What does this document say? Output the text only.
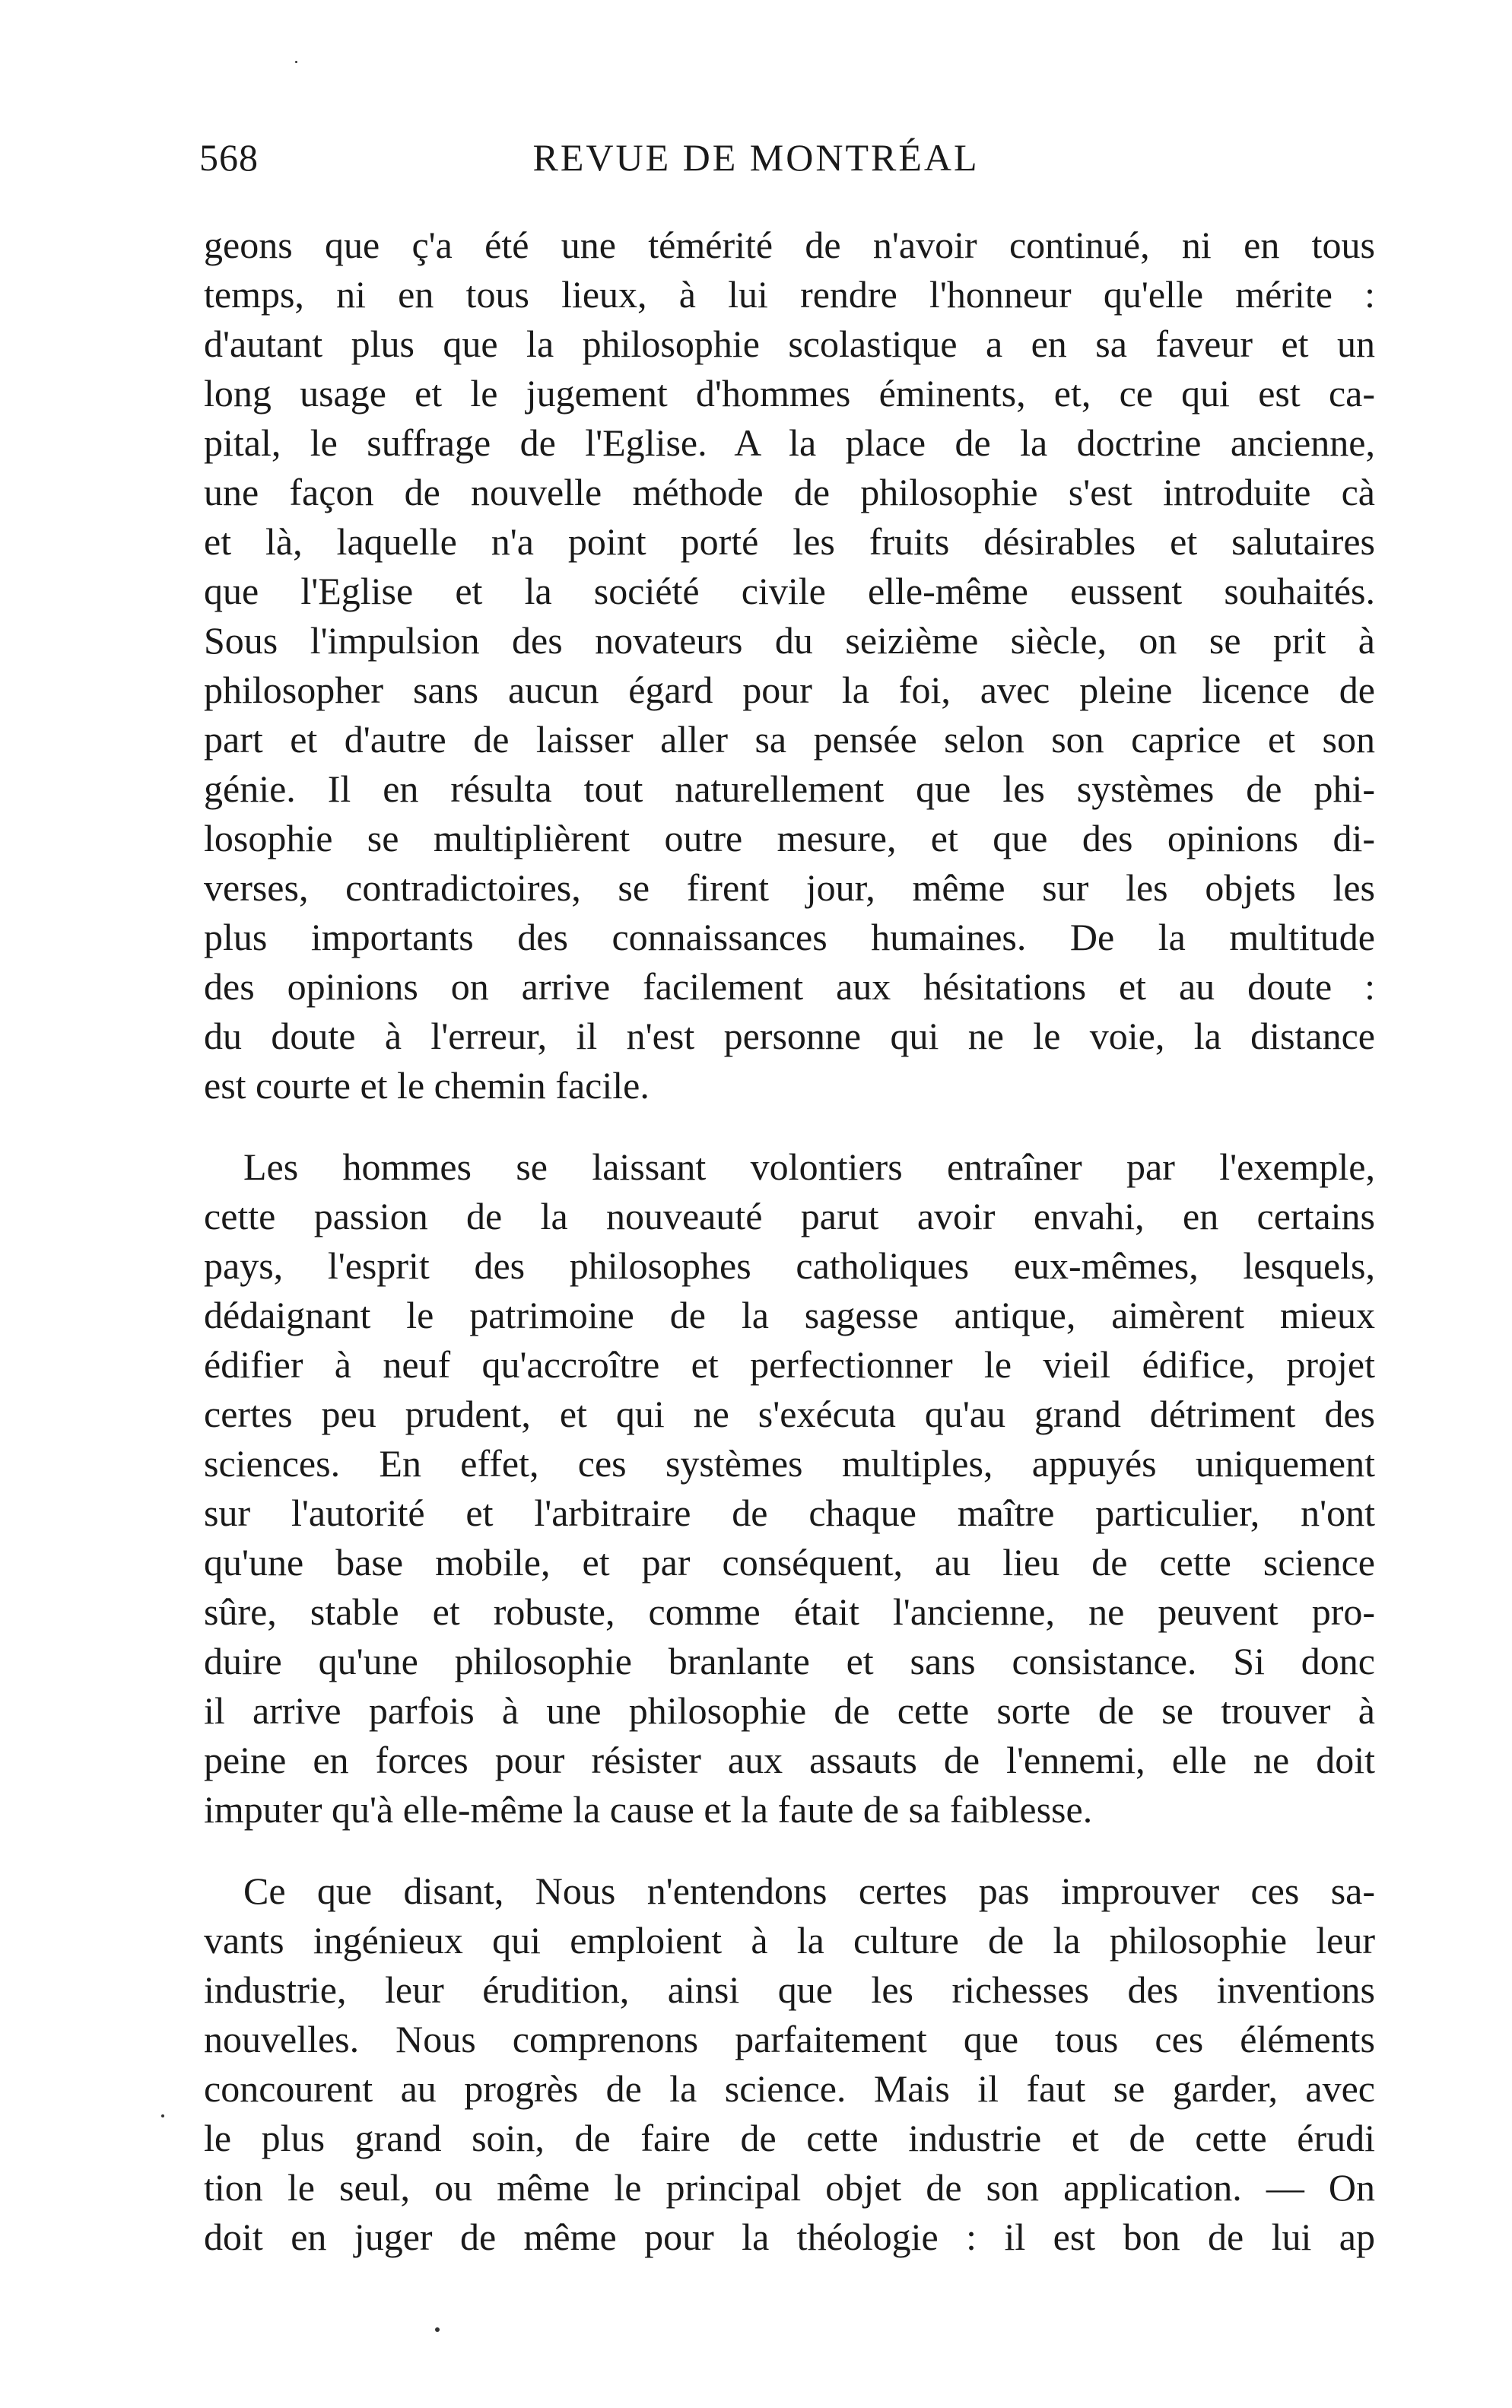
568	REVUE DE MONTRÉAL
geons que ç'a été une témérité de n'avoir continué, ni en tous
temps, ni en tous lieux, à lui rendre l'honneur qu'elle mérite :
d'autant plus que la philosophie scolastique a en sa faveur et un
long usage et le jugement d'hommes éminents, et, ce qui est ca-
pital, le suffrage de l'Eglise. A la place de la doctrine ancienne,
une façon de nouvelle méthode de philosophie s'est introduite cà
et là, laquelle n'a point porté les fruits désirables et salutaires
que l'Eglise et la société civile elle-même eussent souhaités.
Sous l'impulsion des novateurs du seizième siècle, on se prit à
philosopher sans aucun égard pour la foi, avec pleine licence de
part et d'autre de laisser aller sa pensée selon son caprice et son
génie. Il en résulta tout naturellement que les systèmes de phi-
losophie se multiplièrent outre mesure, et que des opinions di-
verses, contradictoires, se firent jour, même sur les objets les
plus importants des connaissances humaines. De la multitude
des opinions on arrive facilement aux hésitations et au doute :
du doute à l'erreur, il n'est personne qui ne le voie, la distance
est courte et le chemin facile.
Les hommes se laissant volontiers entraîner par l'exemple,
cette passion de la nouveauté parut avoir envahi, en certains
pays, l'esprit des philosophes catholiques eux-mêmes, lesquels,
dédaignant le patrimoine de la sagesse antique, aimèrent mieux
édifier à neuf qu'accroître et perfectionner le vieil édifice, projet
certes peu prudent, et qui ne s'exécuta qu'au grand détriment des
sciences. En effet, ces systèmes multiples, appuyés uniquement
sur l'autorité et l'arbitraire de chaque maître particulier, n'ont
qu'une base mobile, et par conséquent, au lieu de cette science
sûre, stable et robuste, comme était l'ancienne, ne peuvent pro-
duire qu'une philosophie branlante et sans consistance. Si donc
il arrive parfois à une philosophie de cette sorte de se trouver à
peine en forces pour résister aux assauts de l'ennemi, elle ne doit
imputer qu'à elle-même la cause et la faute de sa faiblesse.
Ce que disant, Nous n'entendons certes pas improuver ces sa-
vants ingénieux qui emploient à la culture de la philosophie leur
industrie, leur érudition, ainsi que les richesses des inventions
nouvelles. Nous comprenons parfaitement que tous ces éléments
concourent au progrès de la science. Mais il faut se garder, avec
le plus grand soin, de faire de cette industrie et de cette érudi
tion le seul, ou même le principal objet de son application. — On
doit en juger de même pour la théologie : il est bon de lui ap
